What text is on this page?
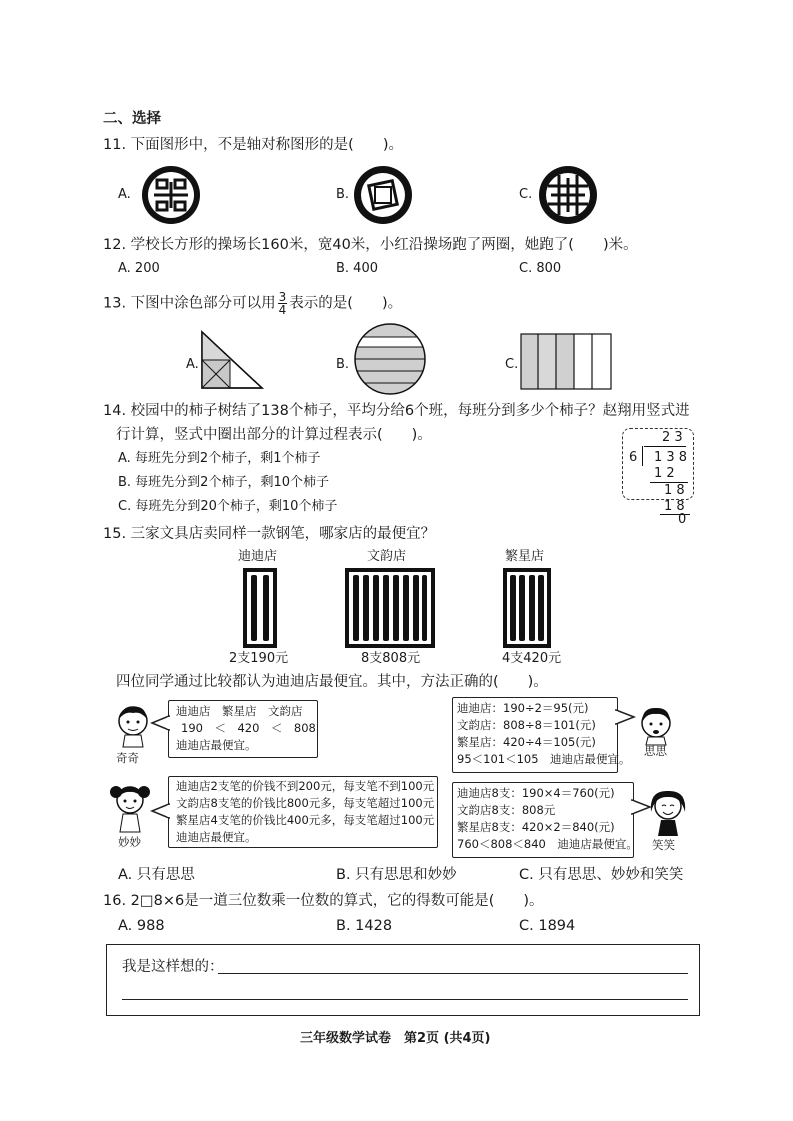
二、选择
11. 下面图形中，不是轴对称图形的是(　　)。
A.	B.	C.
12. 学校长方形的操场长160米，宽40米，小红沿操场跑了两圈，她跑了(　　)米。
A. 200	B. 400	C. 800
13. 下图中涂色部分可以用 $\frac{3}{4}$ 表示的是(　　)。
A.	B.	C.
14. 校园中的柿子树结了138个柿子，平均分给6个班，每班分到多少个柿子？赵翔用竖式进
行计算，竖式中圈出部分的计算过程表示(　　)。
A. 每班先分到2个柿子，剩1个柿子
B. 每班先分到2个柿子，剩10个柿子
C. 每班先分到20个柿子，剩10个柿子
2 3
6 1 3 8
1 2
1 8
1 8
0
15. 三家文具店卖同样一款钢笔，哪家店的最便宜？
迪迪店	文韵店	繁星店
2支190元	8支808元	4支420元
四位同学通过比较都认为迪迪店最便宜。其中，方法正确的(　　)。
奇奇
迪迪店　繁星店　文韵店
190　＜　420　＜　808
迪迪店最便宜。
迪迪店：190÷2＝95(元)
文韵店：808÷8＝101(元)
繁星店：420÷4＝105(元)
95＜101＜105　迪迪店最便宜。
思思
妙妙
迪迪店2支笔的价钱不到200元，每支笔不到100元
文韵店8支笔的价钱比800元多，每支笔超过100元
繁星店4支笔的价钱比400元多，每支笔超过100元
迪迪店最便宜。
迪迪店8支：190×4＝760(元)
文韵店8支：808元
繁星店8支：420×2＝840(元)
760＜808＜840　迪迪店最便宜。 笑笑
A. 只有思思	B. 只有思思和妙妙	C. 只有思思、妙妙和笑笑
16. 2□8×6是一道三位数乘一位数的算式，它的得数可能是(　　)。
A. 988	B. 1428	C. 1894
我是这样想的：
三年级数学试卷　第2页 (共4页)
